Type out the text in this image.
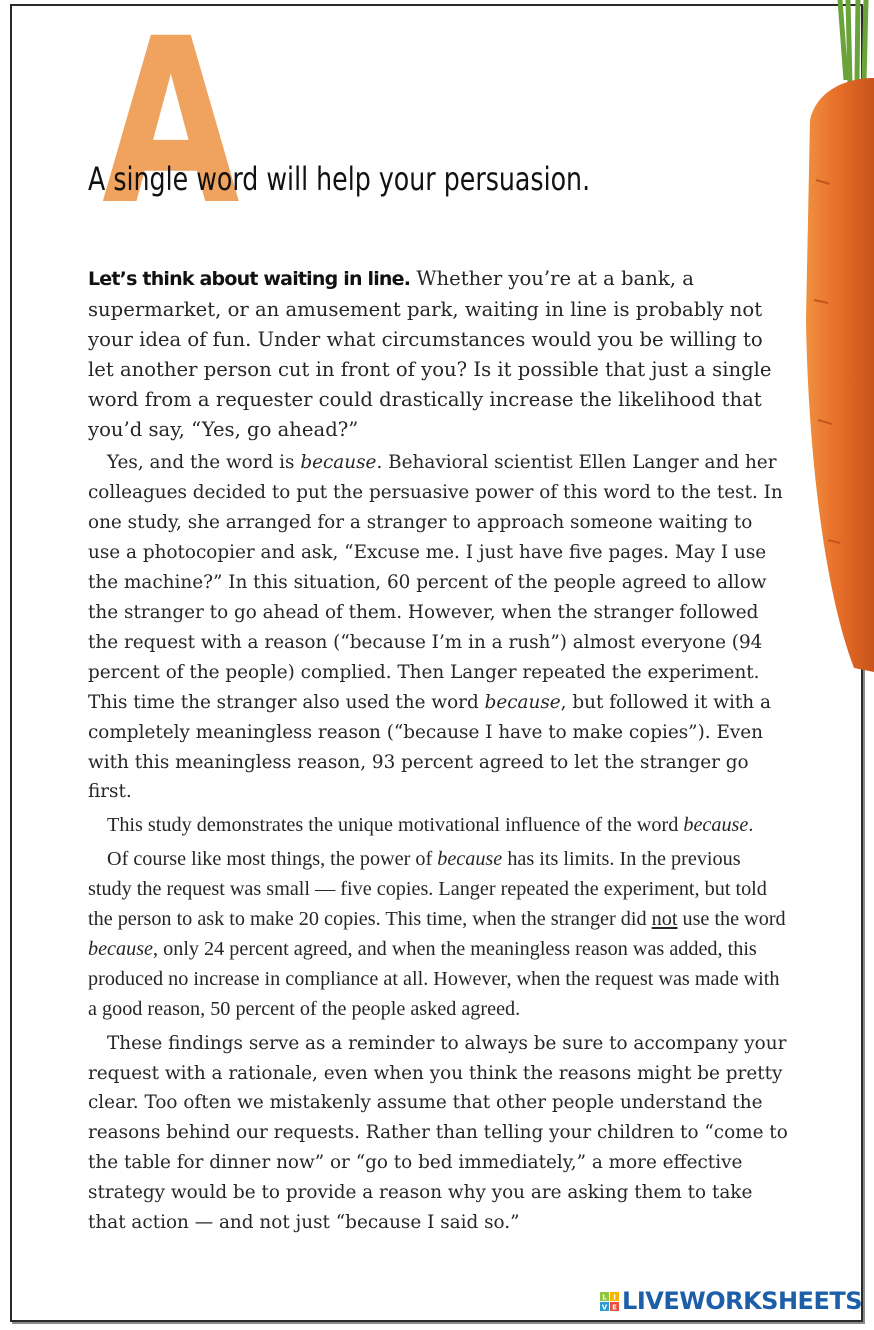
A
A single word will help your persuasion.

Let’s think about waiting in line. Whether you’re at a bank, a supermarket, or an amusement park, waiting in line is probably not your idea of fun. Under what circumstances would you be willing to let another person cut in front of you? Is it possible that just a single word from a requester could drastically increase the likelihood that you’d say, “Yes, go ahead?”

Yes, and the word is because. Behavioral scientist Ellen Langer and her colleagues decided to put the persuasive power of this word to the test. In one study, she arranged for a stranger to approach someone waiting to use a photocopier and ask, “Excuse me. I just have five pages. May I use the machine?” In this situation, 60 percent of the people agreed to allow the stranger to go ahead of them. However, when the stranger followed the request with a reason (“because I’m in a rush”) almost everyone (94 percent of the people) complied. Then Langer repeated the experiment. This time the stranger also used the word because, but followed it with a completely meaningless reason (“because I have to make copies”). Even with this meaningless reason, 93 percent agreed to let the stranger go first.

This study demonstrates the unique motivational influence of the word because.

Of course like most things, the power of because has its limits. In the previous study the request was small — five copies. Langer repeated the experiment, but told the person to ask to make 20 copies. This time, when the stranger did not use the word because, only 24 percent agreed, and when the meaningless reason was added, this produced no increase in compliance at all. However, when the request was made with a good reason, 50 percent of the people asked agreed.

These findings serve as a reminder to always be sure to accompany your request with a rationale, even when you think the reasons might be pretty clear. Too often we mistakenly assume that other people understand the reasons behind our requests. Rather than telling your children to “come to the table for dinner now” or “go to bed immediately,” a more effective strategy would be to provide a reason why you are asking them to take that action — and not just “because I said so.”

L I
V E LIVEWORKSHEETS
